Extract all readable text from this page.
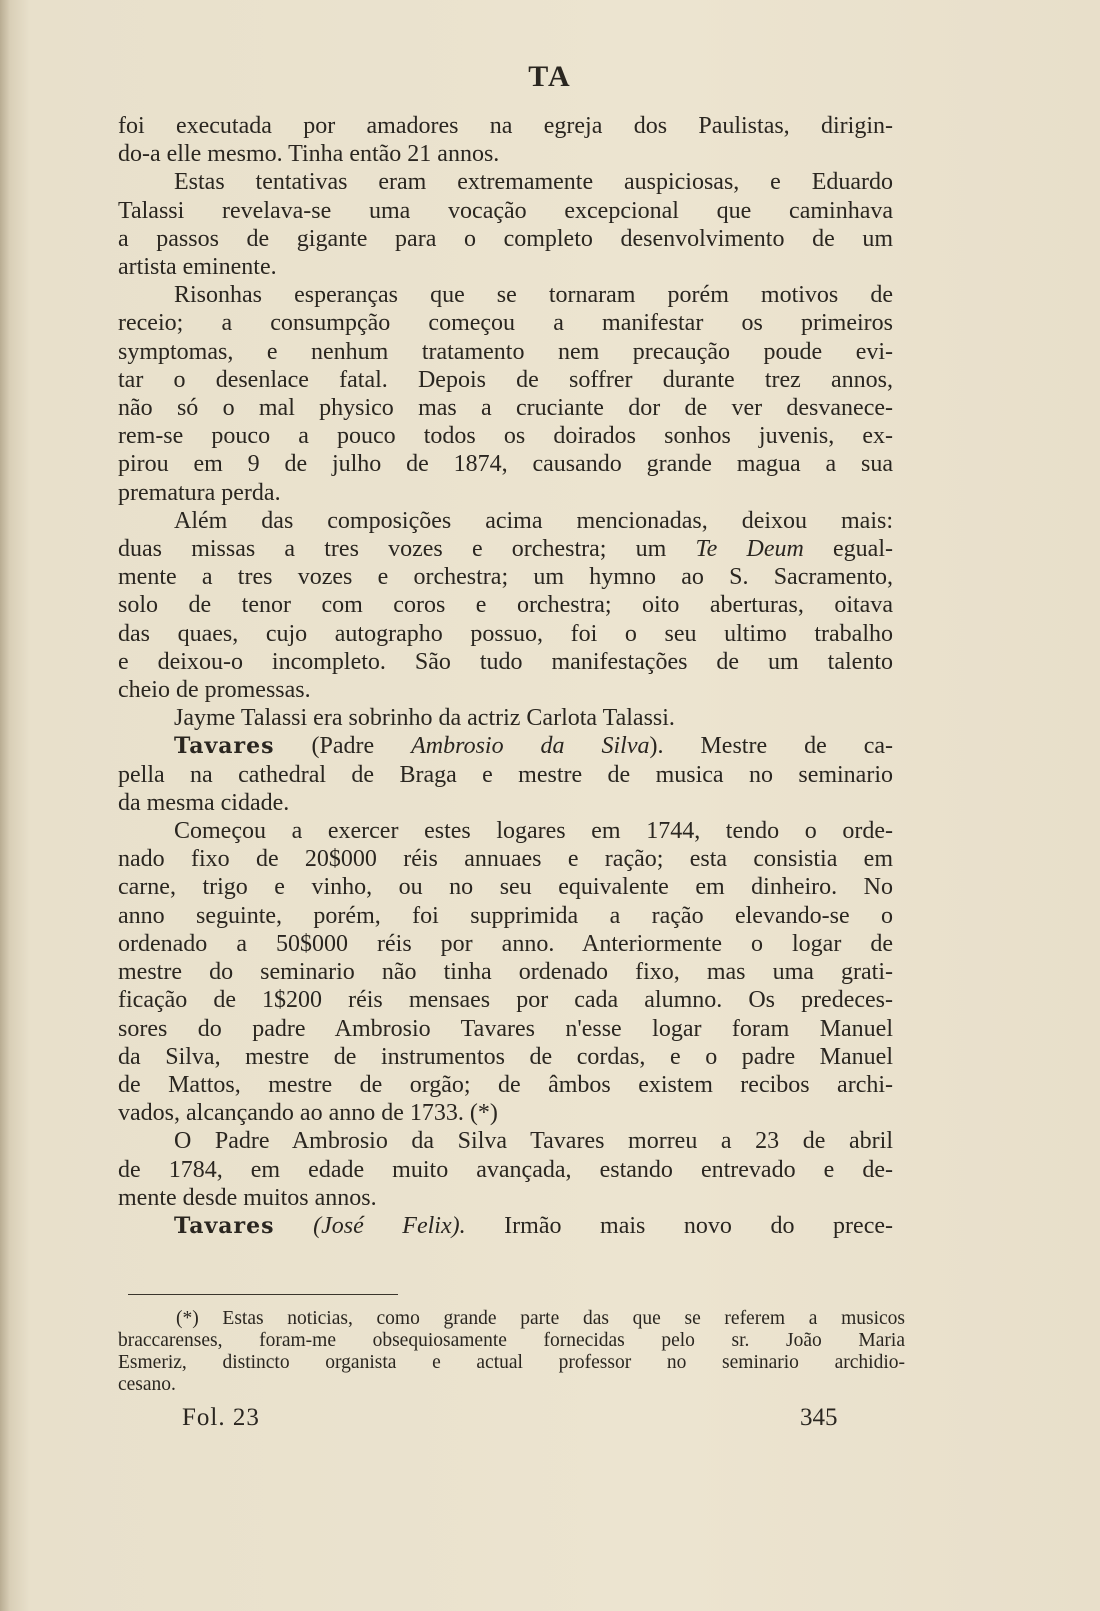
TA
foi executada por amadores na egreja dos Paulistas, dirigin-
do-a elle mesmo. Tinha então 21 annos.
Estas tentativas eram extremamente auspiciosas, e Eduardo
Talassi revelava-se uma vocação excepcional que caminhava
a passos de gigante para o completo desenvolvimento de um
artista eminente.
Risonhas esperanças que se tornaram porém motivos de
receio; a consumpção começou a manifestar os primeiros
symptomas, e nenhum tratamento nem precaução poude evi-
tar o desenlace fatal. Depois de soffrer durante trez annos,
não só o mal physico mas a cruciante dor de ver desvanece-
rem-se pouco a pouco todos os doirados sonhos juvenis, ex-
pirou em 9 de julho de 1874, causando grande magua a sua
prematura perda.
Além das composições acima mencionadas, deixou mais:
duas missas a tres vozes e orchestra; um Te Deum egual-
mente a tres vozes e orchestra; um hymno ao S. Sacramento,
solo de tenor com coros e orchestra; oito aberturas, oitava
das quaes, cujo autographo possuo, foi o seu ultimo trabalho
e deixou-o incompleto. São tudo manifestações de um talento
cheio de promessas.
Jayme Talassi era sobrinho da actriz Carlota Talassi.
Tavares (Padre Ambrosio da Silva). Mestre de ca-
pella na cathedral de Braga e mestre de musica no seminario
da mesma cidade.
Começou a exercer estes logares em 1744, tendo o orde-
nado fixo de 20$000 réis annuaes e ração; esta consistia em
carne, trigo e vinho, ou no seu equivalente em dinheiro. No
anno seguinte, porém, foi supprimida a ração elevando-se o
ordenado a 50$000 réis por anno. Anteriormente o logar de
mestre do seminario não tinha ordenado fixo, mas uma grati-
ficação de 1$200 réis mensaes por cada alumno. Os predeces-
sores do padre Ambrosio Tavares n'esse logar foram Manuel
da Silva, mestre de instrumentos de cordas, e o padre Manuel
de Mattos, mestre de orgão; de âmbos existem recibos archi-
vados, alcançando ao anno de 1733. (*)
O Padre Ambrosio da Silva Tavares morreu a 23 de abril
de 1784, em edade muito avançada, estando entrevado e de-
mente desde muitos annos.
Tavares (José Felix). Irmão mais novo do prece-
(*) Estas noticias, como grande parte das que se referem a musicos
braccarenses, foram-me obsequiosamente fornecidas pelo sr. João Maria
Esmeriz, distincto organista e actual professor no seminario archidio-
cesano.
Fol. 23	345
